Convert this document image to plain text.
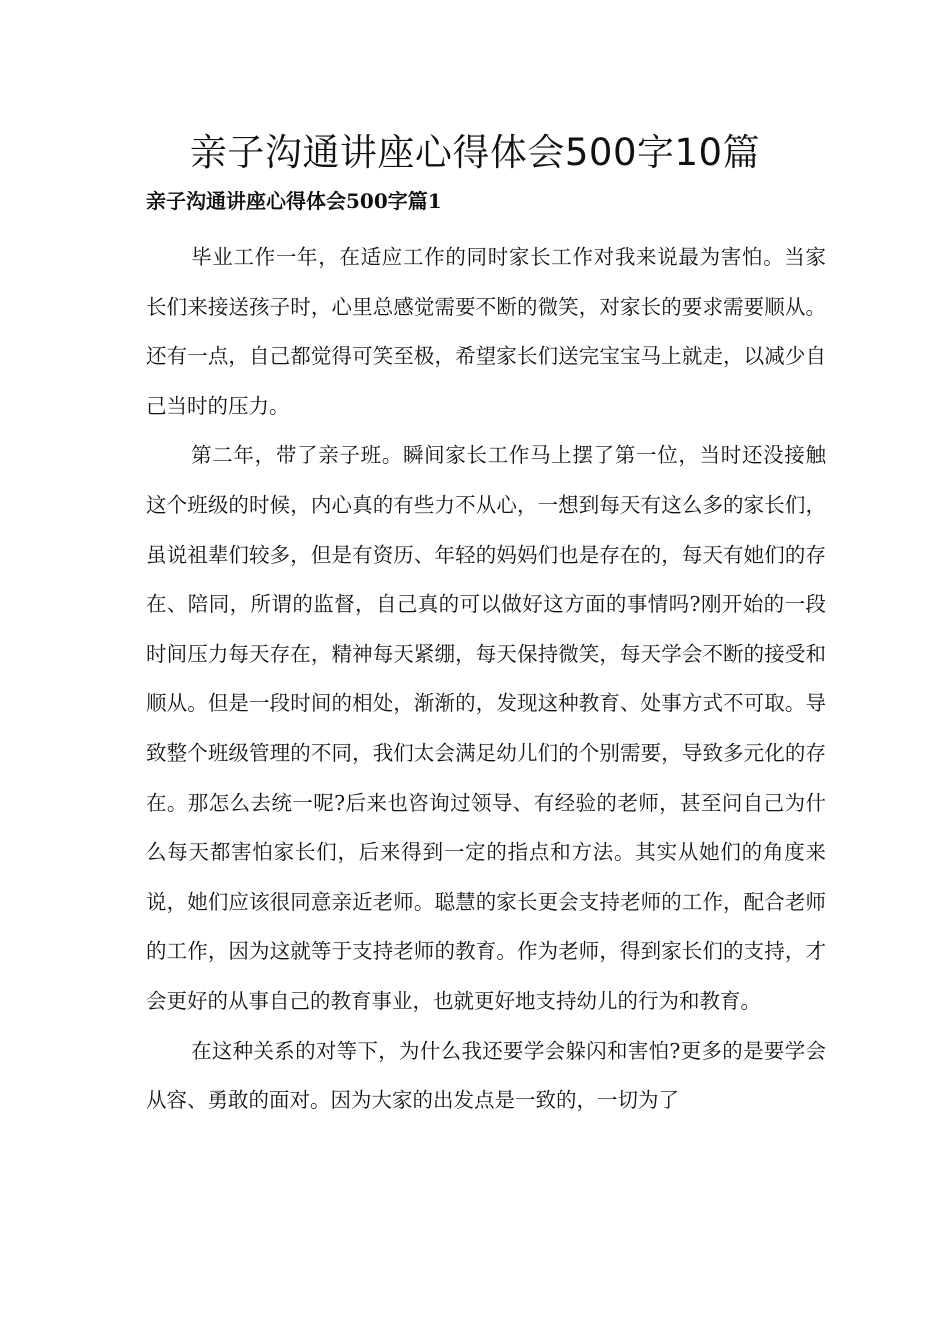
亲子沟通讲座心得体会500字10篇
亲子沟通讲座心得体会500字篇1

毕业工作一年，在适应工作的同时家长工作对我来说最为害怕。当家长们来接送孩子时，心里总感觉需要不断的微笑，对家长的要求需要顺从。还有一点，自己都觉得可笑至极，希望家长们送完宝宝马上就走，以减少自己当时的压力。

第二年，带了亲子班。瞬间家长工作马上摆了第一位，当时还没接触这个班级的时候，内心真的有些力不从心，一想到每天有这么多的家长们，虽说祖辈们较多，但是有资历、年轻的妈妈们也是存在的，每天有她们的存在、陪同，所谓的监督，自己真的可以做好这方面的事情吗?刚开始的一段时间压力每天存在，精神每天紧绷，每天保持微笑，每天学会不断的接受和顺从。但是一段时间的相处，渐渐的，发现这种教育、处事方式不可取。导致整个班级管理的不同，我们太会满足幼儿们的个别需要，导致多元化的存在。那怎么去统一呢?后来也咨询过领导、有经验的老师，甚至问自己为什么每天都害怕家长们，后来得到一定的指点和方法。其实从她们的角度来说，她们应该很同意亲近老师。聪慧的家长更会支持老师的工作，配合老师的工作，因为这就等于支持老师的教育。作为老师，得到家长们的支持，才会更好的从事自己的教育事业，也就更好地支持幼儿的行为和教育。

在这种关系的对等下，为什么我还要学会躲闪和害怕?更多的是要学会从容、勇敢的面对。因为大家的出发点是一致的，一切为了
